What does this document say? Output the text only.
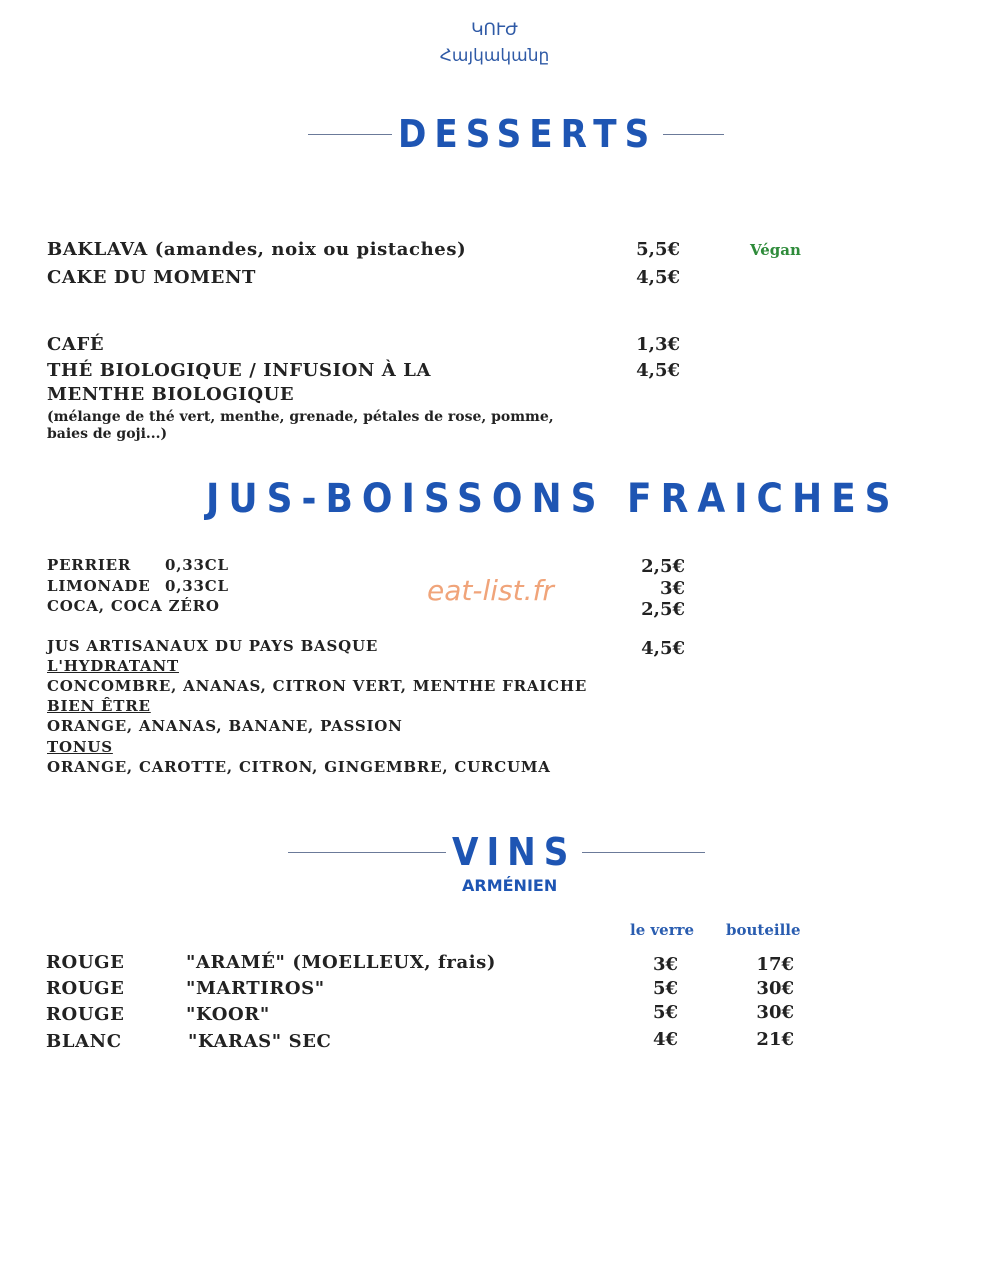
ԿՈՒԺ
Հայկականը
DESSERTS
BAKLAVA (amandes, noix ou pistaches)	5,5€	Végan
CAKE DU MOMENT	4,5€
CAFÉ	1,3€
THÉ BIOLOGIQUE / INFUSION À LA
MENTHE BIOLOGIQUE
4,5€
(mélange de thé vert, menthe, grenade, pétales de rose, pomme,
baies de goji...)
JUS-BOISSONS FRAICHES
PERRIER 0,33CL	2,5€
LIMONADE 0,33CL	3€
COCA, COCA ZÉRO	2,5€
eat-list.fr
JUS ARTISANAUX DU PAYS BASQUE	4,5€
L'HYDRATANT
CONCOMBRE, ANANAS, CITRON VERT, MENTHE FRAICHE
BIEN ÊTRE
ORANGE, ANANAS, BANANE, PASSION
TONUS
ORANGE, CAROTTE, CITRON, GINGEMBRE, CURCUMA
VINS
ARMÉNIEN
le verre bouteille
ROUGE	"ARAMÉ" (MOELLEUX, frais)	3€	17€
ROUGE	"MARTIROS"	5€	30€
ROUGE	"KOOR"	5€	30€
BLANC	"KARAS" SEC	4€	21€
